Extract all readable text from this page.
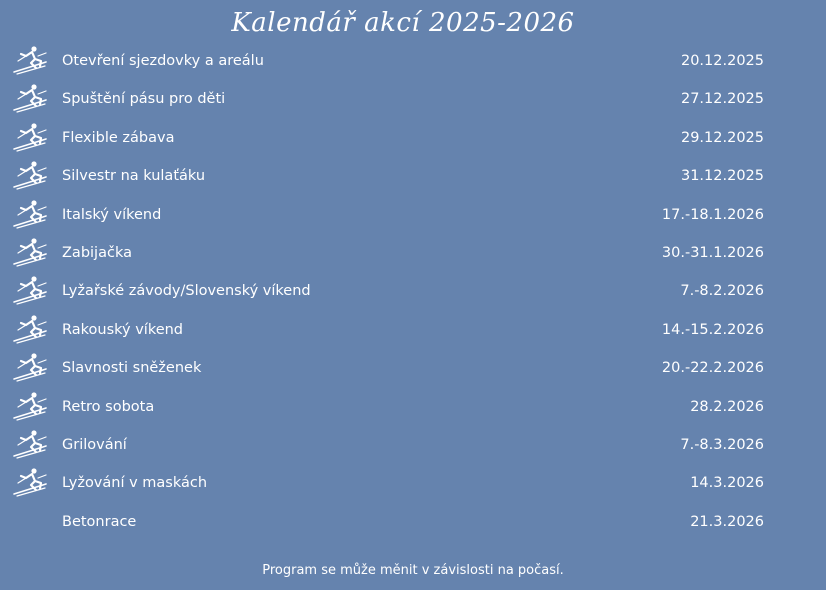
Kalendář akcí 2025-2026
Otevření sjezdovky a areálu	20.12.2025
Spuštění pásu pro děti	27.12.2025
Flexible zábava	29.12.2025
Silvestr na kulaťáku	31.12.2025
Italský víkend	17.-18.1.2026
Zabijačka	30.-31.1.2026
Lyžařské závody/Slovenský víkend	7.-8.2.2026
Rakouský víkend	14.-15.2.2026
Slavnosti sněženek	20.-22.2.2026
Retro sobota	28.2.2026
Grilování	7.-8.3.2026
Lyžování v maskách	14.3.2026
Betonrace	21.3.2026
Program se může měnit v závislosti na počasí.
